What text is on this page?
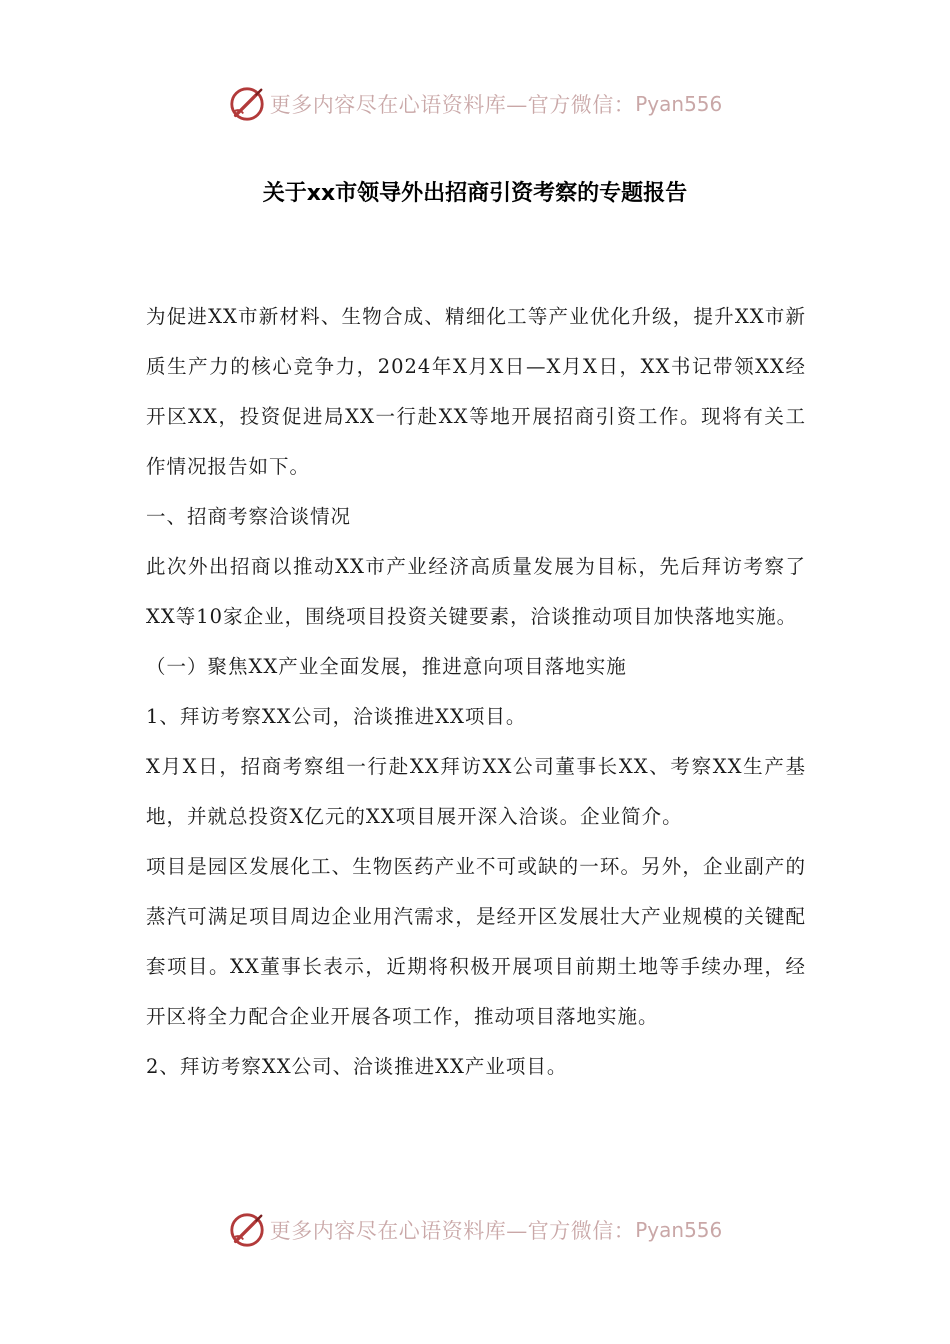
更多内容尽在心语资料库—官方微信： Pyan556
关于xx市领导外出招商引资考察的专题报告

为促进XX市新材料、生物合成、精细化工等产业优化升级，提升XX市新质生产力的核心竞争力，2024年X月X日—X月X日，XX书记带领XX经开区XX，投资促进局XX一行赴XX等地开展招商引资工作。现将有关工作情况报告如下。

一、招商考察洽谈情况

此次外出招商以推动XX市产业经济高质量发展为目标，先后拜访考察了XX等10家企业，围绕项目投资关键要素，洽谈推动项目加快落地实施。

（一）聚焦XX产业全面发展，推进意向项目落地实施

1、拜访考察XX公司，洽谈推进XX项目。

X月X日，招商考察组一行赴XX拜访XX公司董事长XX、考察XX生产基地，并就总投资X亿元的XX项目展开深入洽谈。企业简介。

项目是园区发展化工、生物医药产业不可或缺的一环。另外，企业副产的蒸汽可满足项目周边企业用汽需求，是经开区发展壮大产业规模的关键配套项目。XX董事长表示，近期将积极开展项目前期土地等手续办理，经开区将全力配合企业开展各项工作，推动项目落地实施。

2、拜访考察XX公司、洽谈推进XX产业项目。

更多内容尽在心语资料库—官方微信： Pyan556
